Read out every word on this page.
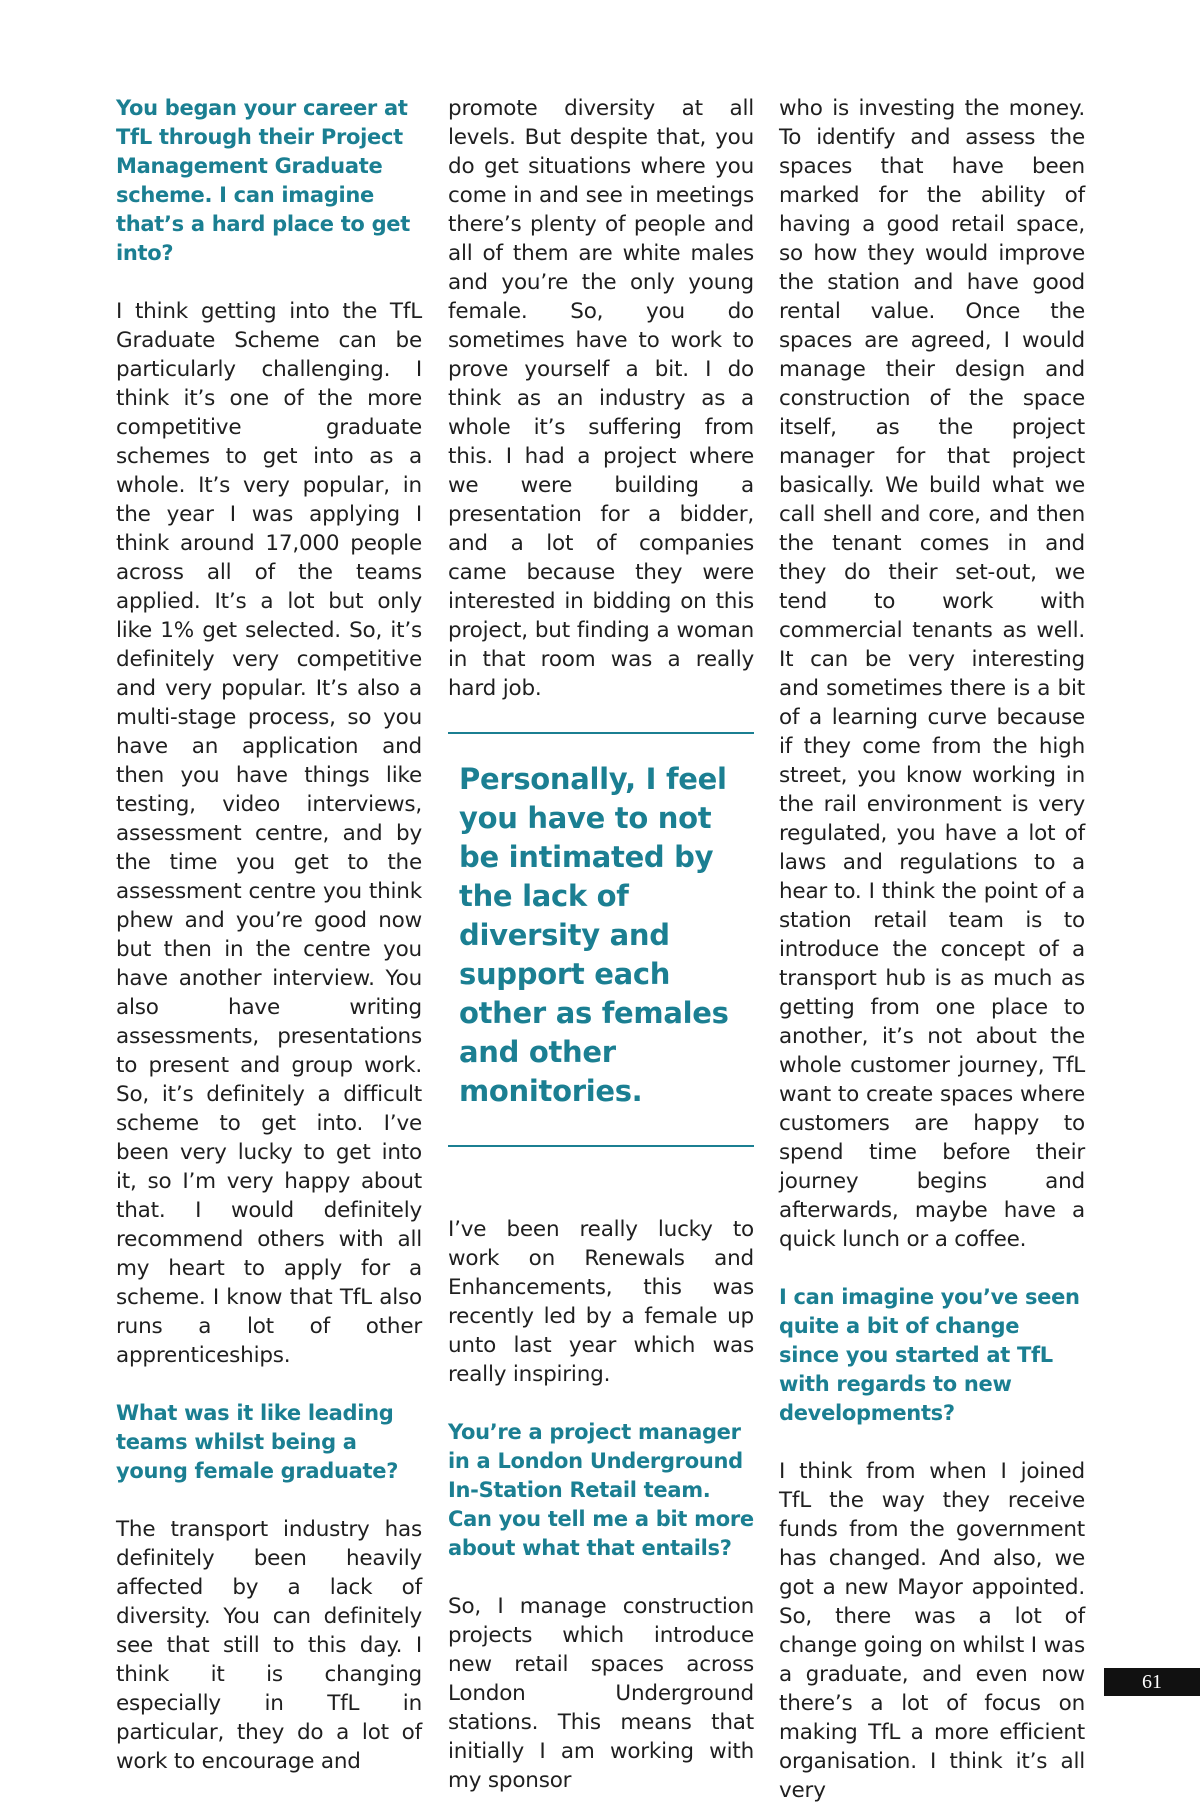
You began your career at TfL through their Project Management Graduate scheme. I can imagine that’s a hard place to get into?

I think getting into the TfL Graduate Scheme can be particularly challenging. I think it’s one of the more competitive graduate schemes to get into as a whole. It’s very popular, in the year I was applying I think around 17,000 people across all of the teams applied. It’s a lot but only like 1% get selected. So, it’s definitely very competitive and very popular. It’s also a multi-stage process, so you have an application and then you have things like testing, video interviews, assessment centre, and by the time you get to the assessment centre you think phew and you’re good now but then in the centre you have another interview. You also have writing assessments, presentations to present and group work. So, it’s definitely a difficult scheme to get into. I’ve been very lucky to get into it, so I’m very happy about that. I would definitely recommend others with all my heart to apply for a scheme. I know that TfL also runs a lot of other apprenticeships.

What was it like leading teams whilst being a young female graduate?

The transport industry has definitely been heavily affected by a lack of diversity. You can definitely see that still to this day. I think it is changing especially in TfL in particular, they do a lot of work to encourage and

promote diversity at all levels. But despite that, you do get situations where you come in and see in meetings there’s plenty of people and all of them are white males and you’re the only young female. So, you do sometimes have to work to prove yourself a bit. I do think as an industry as a whole it’s suffering from this. I had a project where we were building a presentation for a bidder, and a lot of companies came because they were interested in bidding on this project, but finding a woman in that room was a really hard job.

Personally, I feel you have to not be intimated by the lack of diversity and support each other as females and other monitories.

I’ve been really lucky to work on Renewals and Enhancements, this was recently led by a female up unto last year which was really inspiring.

You’re a project manager in a London Underground In-Station Retail team. Can you tell me a bit more about what that entails?

So, I manage construction projects which introduce new retail spaces across London Underground stations. This means that initially I am working with my sponsor

who is investing the money. To identify and assess the spaces that have been marked for the ability of having a good retail space, so how they would improve the station and have good rental value. Once the spaces are agreed, I would manage their design and construction of the space itself, as the project manager for that project basically. We build what we call shell and core, and then the tenant comes in and they do their set-out, we tend to work with commercial tenants as well. It can be very interesting and sometimes there is a bit of a learning curve because if they come from the high street, you know working in the rail environment is very regulated, you have a lot of laws and regulations to a hear to. I think the point of a station retail team is to introduce the concept of a transport hub is as much as getting from one place to another, it’s not about the whole customer journey, TfL want to create spaces where customers are happy to spend time before their journey begins and afterwards, maybe have a quick lunch or a coffee.

I can imagine you’ve seen quite a bit of change since you started at TfL with regards to new developments?

I think from when I joined TfL the way they receive funds from the government has changed. And also, we got a new Mayor appointed. So, there was a lot of change going on whilst I was a graduate, and even now there’s a lot of focus on making TfL a more efficient organisation. I think it’s all very

61
